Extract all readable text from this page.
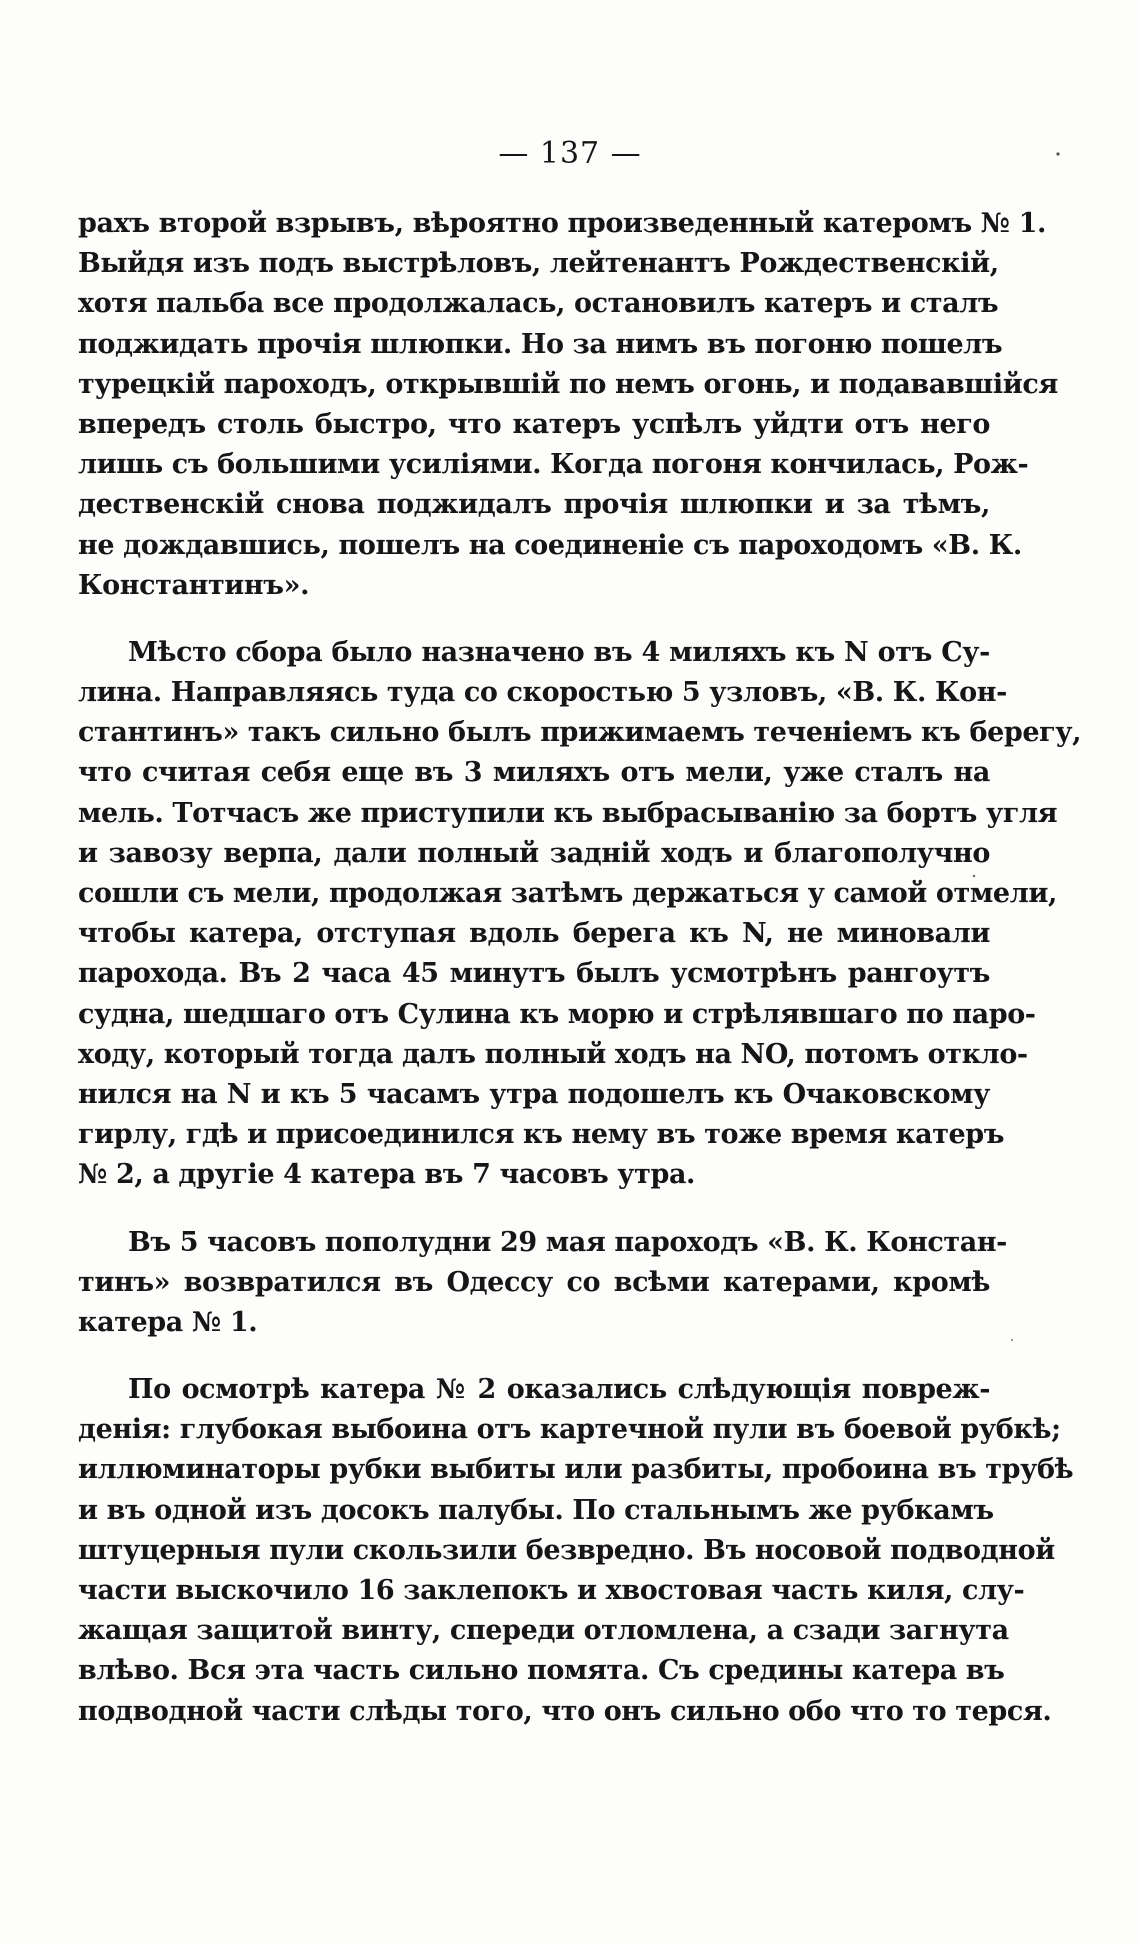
— 137 —
рахъ второй взрывъ, вѣроятно произведенный катеромъ № 1.
Выйдя изъ подъ выстрѣловъ, лейтенантъ Рождественскій,
хотя пальба все продолжалась, остановилъ катеръ и сталъ
поджидать прочія шлюпки. Но за нимъ въ погоню пошелъ
турецкій пароходъ, открывшій по немъ огонь, и подававшійся
впередъ столь быстро, что катеръ успѣлъ уйдти отъ него
лишь съ большими усиліями. Когда погоня кончилась, Рож-
дественскій снова поджидалъ прочія шлюпки и за тѣмъ,
не дождавшись, пошелъ на соединеніе съ пароходомъ «В. К.
Константинъ».
Мѣсто сбора было назначено въ 4 миляхъ къ N отъ Су-
лина. Направляясь туда со скоростью 5 узловъ, «В. К. Кон-
стантинъ» такъ сильно былъ прижимаемъ теченіемъ къ берегу,
что считая себя еще въ 3 миляхъ отъ мели, уже сталъ на
мель. Тотчасъ же приступили къ выбрасыванію за бортъ угля
и завозу верпа, дали полный задній ходъ и благополучно
сошли съ мели, продолжая затѣмъ держаться у самой отмели,
чтобы катера, отступая вдоль берега къ N, не миновали
парохода. Въ 2 часа 45 минутъ былъ усмотрѣнъ рангоутъ
судна, шедшаго отъ Сулина къ морю и стрѣлявшаго по паро-
ходу, который тогда далъ полный ходъ на NO, потомъ откло-
нился на N и къ 5 часамъ утра подошелъ къ Очаковскому
гирлу, гдѣ и присоединился къ нему въ тоже время катеръ
№ 2, а другіе 4 катера въ 7 часовъ утра.
Въ 5 часовъ пополудни 29 мая пароходъ «В. К. Констан-
тинъ» возвратился въ Одессу со всѣми катерами, кромѣ
катера № 1.
По осмотрѣ катера № 2 оказались слѣдующія повреж-
денія: глубокая выбоина отъ картечной пули въ боевой рубкѣ;
иллюминаторы рубки выбиты или разбиты, пробоина въ трубѣ
и въ одной изъ досокъ палубы. По стальнымъ же рубкамъ
штуцерныя пули скользили безвредно. Въ носовой подводной
части выскочило 16 заклепокъ и хвостовая часть киля, слу-
жащая защитой винту, спереди отломлена, а сзади загнута
влѣво. Вся эта часть сильно помята. Съ средины катера въ
подводной части слѣды того, что онъ сильно обо что то терся.
